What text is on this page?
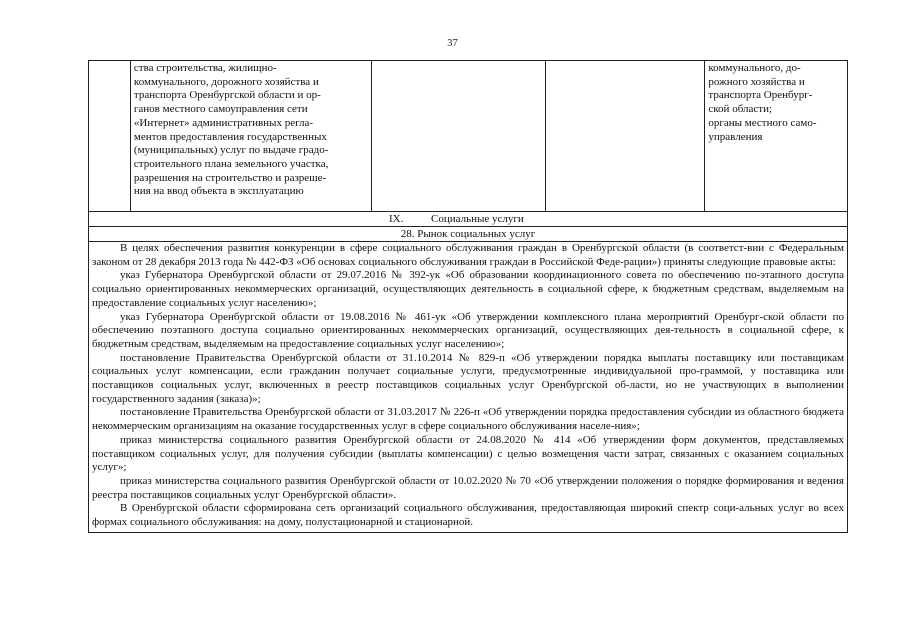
37
ства строительства, жилищно-
коммунального, дорожного хозяйства и
транспорта Оренбургской области и ор-
ганов местного самоуправления сети
«Интернет» административных регла-
ментов предоставления государственных
(муниципальных) услуг по выдаче градо-
строительного плана земельного участка,
разрешения на строительство и разреше-
ния на ввод объекта в эксплуатацию
коммунального, до-
рожного хозяйства и
транспорта Оренбург-
ской области;
органы местного само-
управления
IX.	Социальные услуги
28. Рынок социальных услуг

В целях обеспечения развития конкуренции в сфере социального обслуживания граждан в Оренбургской области (в соответст-вии с Федеральным законом от 28 декабря 2013 года № 442-ФЗ «Об основах социального обслуживания граждан в Российской Феде-рации») приняты следующие правовые акты:

указ Губернатора Оренбургской области от 29.07.2016 № 392-ук «Об образовании координационного совета по обеспечению по-этапного доступа социально ориентированных некоммерческих организаций, осуществляющих деятельность в социальной сфере, к бюджетным средствам, выделяемым на предоставление социальных услуг населению»;

указ Губернатора Оренбургской области от 19.08.2016 № 461-ук «Об утверждении комплексного плана мероприятий Оренбург-ской области по обеспечению поэтапного доступа социально ориентированных некоммерческих организаций, осуществляющих дея-тельность в социальной сфере, к бюджетным средствам, выделяемым на предоставление социальных услуг населению»;

постановление Правительства Оренбургской области от 31.10.2014 № 829-п «Об утверждении порядка выплаты поставщику или поставщикам социальных услуг компенсации, если гражданин получает социальные услуги, предусмотренные индивидуальной про-граммой, у поставщика или поставщиков социальных услуг, включенных в реестр поставщиков социальных услуг Оренбургской об-ласти, но не участвующих в выполнении государственного задания (заказа)»;

постановление Правительства Оренбургской области от 31.03.2017 № 226-п «Об утверждении порядка предоставления субсидии из областного бюджета некоммерческим организациям на оказание государственных услуг в сфере социального обслуживания населе-ния»;

приказ министерства социального развития Оренбургской области от 24.08.2020 № 414 «Об утверждении форм документов, представляемых поставщиком социальных услуг, для получения субсидии (выплаты компенсации) с целью возмещения части затрат, связанных с оказанием социальных услуг»;

приказ министерства социального развития Оренбургской области от 10.02.2020 № 70 «Об утверждении положения о порядке формирования и ведения реестра поставщиков социальных услуг Оренбургской области».

В Оренбургской области сформирована сеть организаций социального обслуживания, предоставляющая широкий спектр соци-альных услуг во всех формах социального обслуживания: на дому, полустационарной и стационарной.
